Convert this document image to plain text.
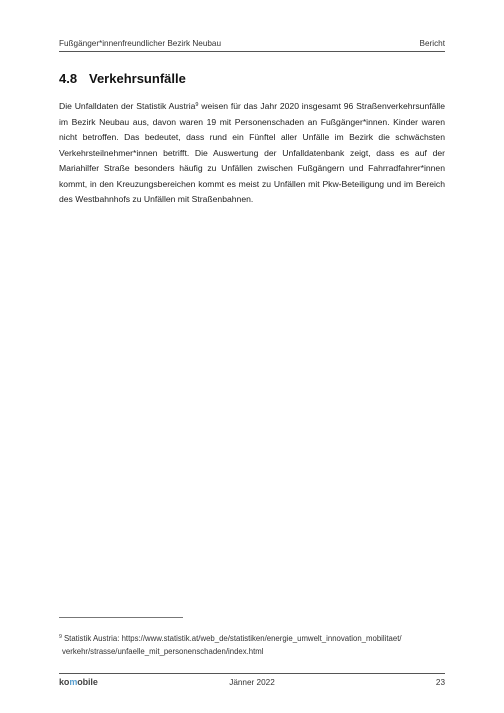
Fußgänger*innenfreundlicher Bezirk Neubau	Bericht
4.8 Verkehrsunfälle
Die Unfalldaten der Statistik Austria$^9$ weisen für das Jahr 2020 insgesamt 96 Straßenverkehrsunfälle
im Bezirk Neubau aus, davon waren 19 mit Personenschaden an Fußgänger*innen. Kinder waren
nicht betroffen. Das bedeutet, dass rund ein Fünftel aller Unfälle im Bezirk die schwächsten
Verkehrsteilnehmer*innen betrifft. Die Auswertung der Unfalldatenbank zeigt, dass es auf der
Mariahilfer Straße besonders häufig zu Unfällen zwischen Fußgängern und Fahrradfahrer*innen
kommt, in den Kreuzungsbereichen kommt es meist zu Unfällen mit Pkw-Beteiligung und im Bereich
des Westbahnhofs zu Unfällen mit Straßenbahnen.
$^9$ Statistik Austria: https://www.statistik.at/web_de/statistiken/energie_umwelt_innovation_mobilitaet/
verkehr/strasse/unfaelle_mit_personenschaden/index.html
komobile	Jänner 2022	23
